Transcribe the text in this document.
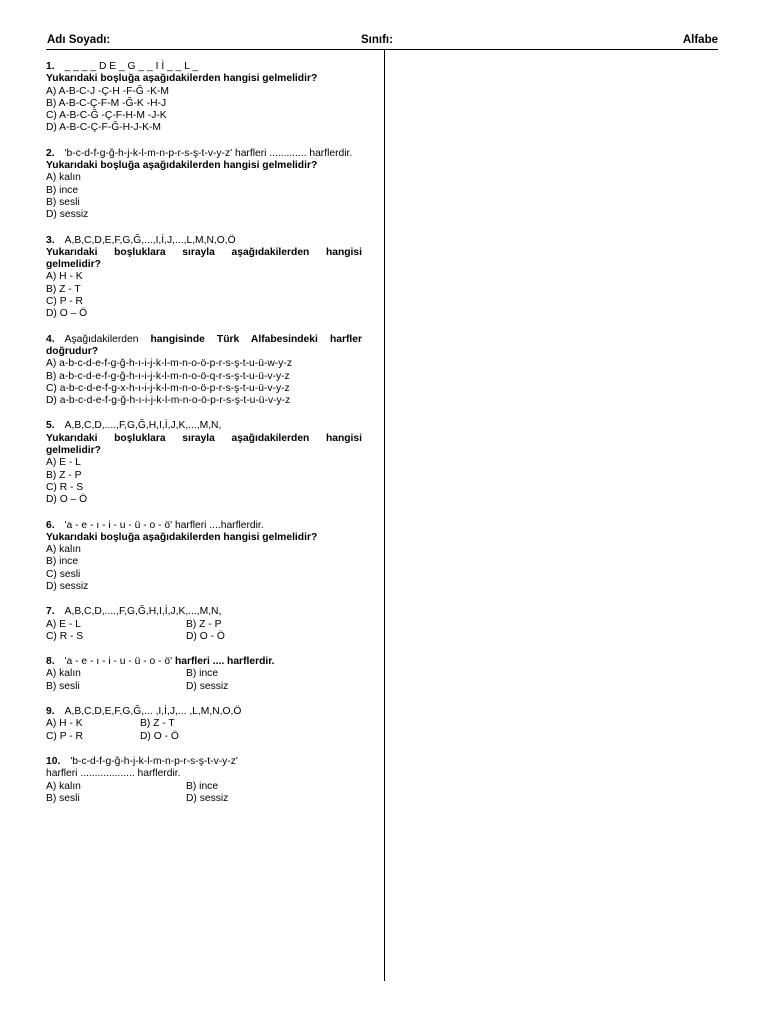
Adı Soyadı:	Sınıfı:	Alfabe
1. _ _ _ _ D E _ G _ _ I İ _ _ L _
Yukarıdaki boşluğa aşağıdakilerden hangisi gelmelidir?
A) A-B-C-J -Ç-H -F-Ğ -K-M
B) A-B-C-Ç-F-M -Ğ-K -H-J
C) A-B-C-Ğ -Ç-F-H-M -J-K
D) A-B-C-Ç-F-Ğ-H-J-K-M
2. 'b-c-d-f-g-ğ-h-j-k-l-m-n-p-r-s-ş-t-v-y-z' harfleri ............. harflerdir.
Yukarıdaki boşluğa aşağıdakilerden hangisi gelmelidir?
A) kalın
B) ince
B) sesli
D) sessiz
3. A,B,C,D,E,F,G,Ğ,...,I,İ,J,...,L,M,N,O,Ö
Yukarıdaki boşluklara sırayla aşağıdakilerden hangisi gelmelidir?
A) H - K
B) Z - T
C) P - R
D) O – Ö
4. Aşağıdakilerden hangisinde Türk Alfabesindeki harfler doğrudur?
A) a-b-c-d-e-f-g-ğ-h-ı-i-j-k-l-m-n-o-ö-p-r-s-ş-t-u-ü-w-y-z
B) a-b-c-d-e-f-g-ğ-h-ı-i-j-k-l-m-n-o-ö-q-r-s-ş-t-u-ü-v-y-z
C) a-b-c-d-e-f-g-x-h-ı-i-j-k-l-m-n-o-ö-p-r-s-ş-t-u-ü-v-y-z
D) a-b-c-d-e-f-g-ğ-h-ı-i-j-k-l-m-n-o-ö-p-r-s-ş-t-u-ü-v-y-z
5. A,B,C,D,....,F,G,Ğ,H,I,İ,J,K,...,M,N,
Yukarıdaki boşluklara sırayla aşağıdakilerden hangisi gelmelidir?
A) E - L
B) Z - P
C) R - S
D) O – Ö
6. 'a - e - ı - i - u - ü - o - ö' harfleri ....harflerdir.
Yukarıdaki boşluğa aşağıdakilerden hangisi gelmelidir?
A) kalın
B) ince
C) sesli
D) sessiz
7. A,B,C,D,....,F,G,Ğ,H,I,İ,J,K,...,M,N,
A) E - L	B) Z - P
C) R - S	D) O - Ö
8. 'a - e - ı - i - u - ü - o - ö' harfleri .... harflerdir.
A) kalın	B) ince
B) sesli	D) sessiz
9. A,B,C,D,E,F,G,Ğ,... ,I,İ,J,... ,L,M,N,O,Ö
A) H - K	B) Z - T
C) P - R	D) O - Ö
10. 'b-c-d-f-g-ğ-h-j-k-l-m-n-p-r-s-ş-t-v-y-z'
harfleri ................... harflerdir.
A) kalın	B) ince
B) sesli	D) sessiz
